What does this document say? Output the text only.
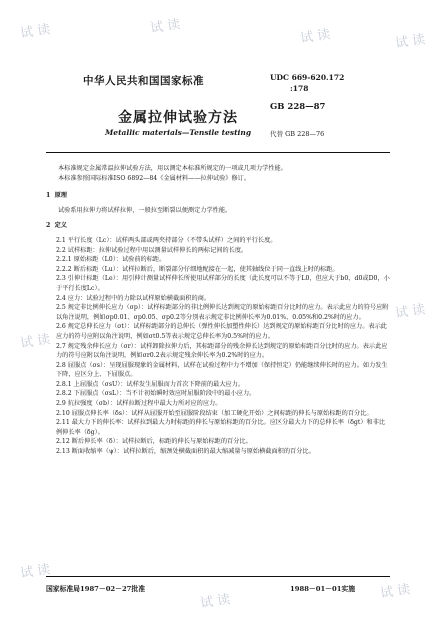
试读	试读
试读	试读
试读
试读
试读
试读
试读
中华人民共和国国家标准
金属拉伸试验方法
Metallic materials—Tensile testing
UDC 669-620.172
:178
GB 228—87
代替 GB 228—76

本标准规定金属常温拉伸试验方法，用以测定本标准所规定的一项或几项力学性能。

本标准参照国际标准ISO 6892—84《金属材料——拉伸试验》修订。

1 原理

试验系用拉伸力将试样拉伸，一般拉至断裂以便测定力学性能。

2 定义
2.1 平行长度（Lc）：试样两头部或两夹持部分（不带头试样）之间的平行长度。
2.2 试样标距：拉伸试验过程中用以测量试样伸长的两标记间的长度。
2.2.1 原始标距（L0）：试验前的标距。
2.2.2 断后标距（Lu）：试样拉断后，断裂部分仔细地配接在一起，使其轴线位于同一直线上时的标距。
2.3 引伸计标距（Le）：用引伸计测量试样伸长所使用试样部分的长度（此长度可以不等于L0，但应大于b0、d0或D0，小于平行长度Lc）。
2.4 应力：试验过程中的力除以试样原始横截面积的商。
2.5 规定非比例伸长应力（σp）：试样标距部分的非比例伸长达到规定的原始标距百分比时的应力。表示此应力的符号应附以角注说明，例如σp0.01、σp0.05、σp0.2等分别表示规定非比例伸长率为0.01%、0.05%和0.2%时的应力。
2.6 规定总伸长应力（σt）：试样标距部分的总伸长（弹性伸长加塑性伸长）达到规定的原始标距百分比时的应力。表示此应力的符号应附以角注说明，例如σt0.5等表示规定总伸长率为0.5%时的应力。
2.7 规定残余伸长应力（σr）：试样卸除拉伸力后，其标距部分的残余伸长达到规定的原始标距百分比时的应力。表示此应力的符号应附以角注说明，例如σr0.2表示规定残余伸长率为0.2%时的应力。
2.8 屈服点（σs）：呈现屈服现象的金属材料，试样在试验过程中力不增加（保持恒定）仍能继续伸长时的应力。如力发生下降，应区分上、下屈服点。
2.8.1 上屈服点（σsU）：试样发生屈服而力首次下降前的最大应力。
2.8.2 下屈服点（σsL）：当不计初始瞬时效应时屈服阶段中的最小应力。
2.9 抗拉强度（σb）：试样拉断过程中最大力所对应的应力。
2.10 屈服点伸长率（δs）：试样从屈服开始至屈服阶段结束（加工硬化开始）之间标距的伸长与原始标距的百分比。
2.11 最大力下的伸长率：试样拉到最大力时标距的伸长与原始标距的百分比。应区分最大力下的总伸长率（δgt）和非比例伸长率（δg）。
2.12 断后伸长率（δ）：试样拉断后，标距的伸长与原始标距的百分比。
2.13 断面收缩率（ψ）：试样拉断后，缩颈处横截面积的最大缩减量与原始横截面积的百分比。
国家标准局1987－02－27批准	1988－01－01实施
